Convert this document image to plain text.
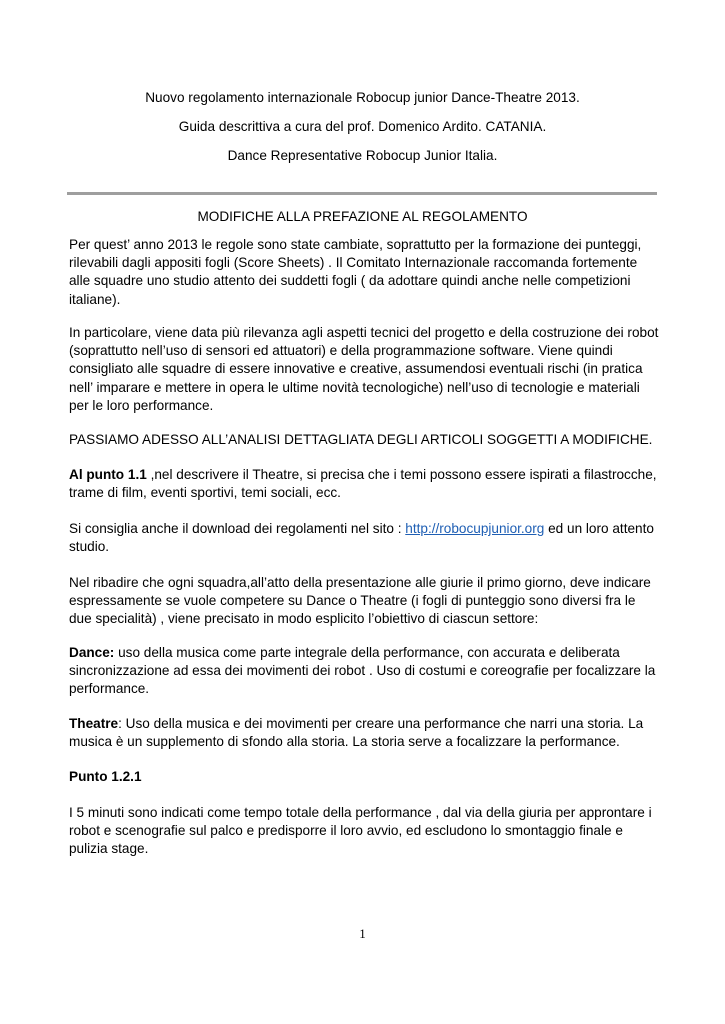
Nuovo regolamento internazionale Robocup junior Dance-Theatre 2013.
Guida descrittiva a cura del prof. Domenico Ardito. CATANIA.
Dance Representative Robocup Junior Italia.
MODIFICHE ALLA PREFAZIONE AL REGOLAMENTO

Per quest’ anno 2013 le regole sono state cambiate, soprattutto per la formazione dei punteggi, rilevabili dagli appositi fogli (Score Sheets) . Il Comitato Internazionale raccomanda fortemente alle squadre uno studio attento dei suddetti fogli ( da adottare quindi anche nelle competizioni italiane).

In particolare, viene data più rilevanza agli aspetti tecnici del progetto e della costruzione dei robot (soprattutto nell’uso di sensori ed attuatori) e della programmazione software. Viene quindi consigliato alle squadre di essere innovative e creative, assumendosi eventuali rischi (in pratica nell’ imparare e mettere in opera le ultime novità tecnologiche) nell’uso di tecnologie e materiali per le loro performance.

PASSIAMO ADESSO ALL’ANALISI DETTAGLIATA DEGLI ARTICOLI SOGGETTI A MODIFICHE.

Al punto 1.1 ,nel descrivere il Theatre, si precisa che i temi possono essere ispirati a filastrocche, trame di film, eventi sportivi, temi sociali, ecc.

Si consiglia anche il download dei regolamenti nel sito : http://robocupjunior.org ed un loro attento studio.

Nel ribadire che ogni squadra,all’atto della presentazione alle giurie il primo giorno, deve indicare espressamente se vuole competere su Dance o Theatre (i fogli di punteggio sono diversi fra le due specialità) , viene precisato in modo esplicito l’obiettivo di ciascun settore:

Dance: uso della musica come parte integrale della performance, con accurata e deliberata sincronizzazione ad essa dei movimenti dei robot . Uso di costumi e coreografie per focalizzare la performance.

Theatre: Uso della musica e dei movimenti per creare una performance che narri una storia. La musica è un supplemento di sfondo alla storia. La storia serve a focalizzare la performance.

Punto 1.2.1

I 5 minuti sono indicati come tempo totale della performance , dal via della giuria per approntare i robot e scenografie sul palco e predisporre il loro avvio, ed escludono lo smontaggio finale e pulizia stage.

1
